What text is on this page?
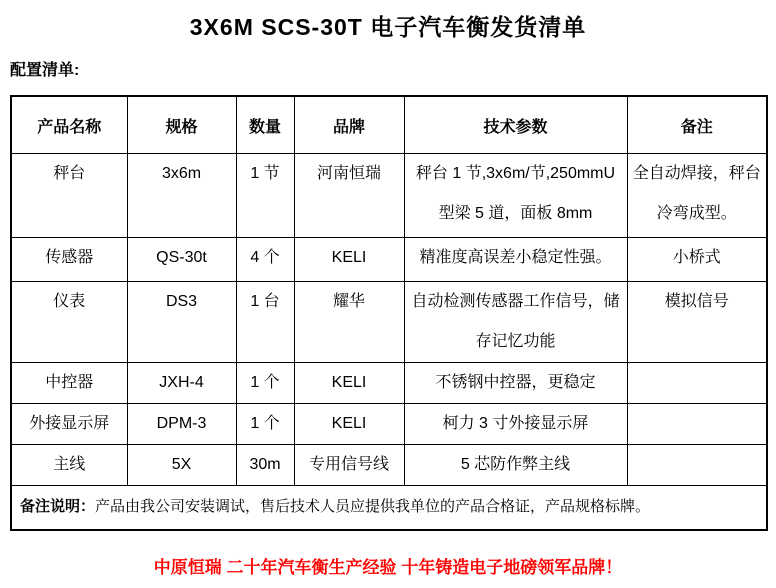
3X6M SCS-30T 电子汽车衡发货清单
配置清单:
产品名称	规格	数量	品牌	技术参数	备注
秤台	3x6m	1 节	河南恒瑞	秤台 1 节,3x6m/节,250mmU 型梁 5 道，面板 8mm	全自动焊接，秤台冷弯成型。
传感器	QS-30t	4 个	KELI	精准度高误差小稳定性强。	小桥式
仪表	DS3	1 台	耀华	自动检测传感器工作信号，储存记忆功能	模拟信号
中控器	JXH-4	1 个	KELI	不锈钢中控器，更稳定	
外接显示屏	DPM-3	1 个	KELI	柯力 3 寸外接显示屏	
主线	5X	30m	专用信号线	5 芯防作弊主线	
备注说明：产品由我公司安装调试，售后技术人员应提供我单位的产品合格证，产品规格标牌。					
中原恒瑞 二十年汽车衡生产经验 十年铸造电子地磅领军品牌！
